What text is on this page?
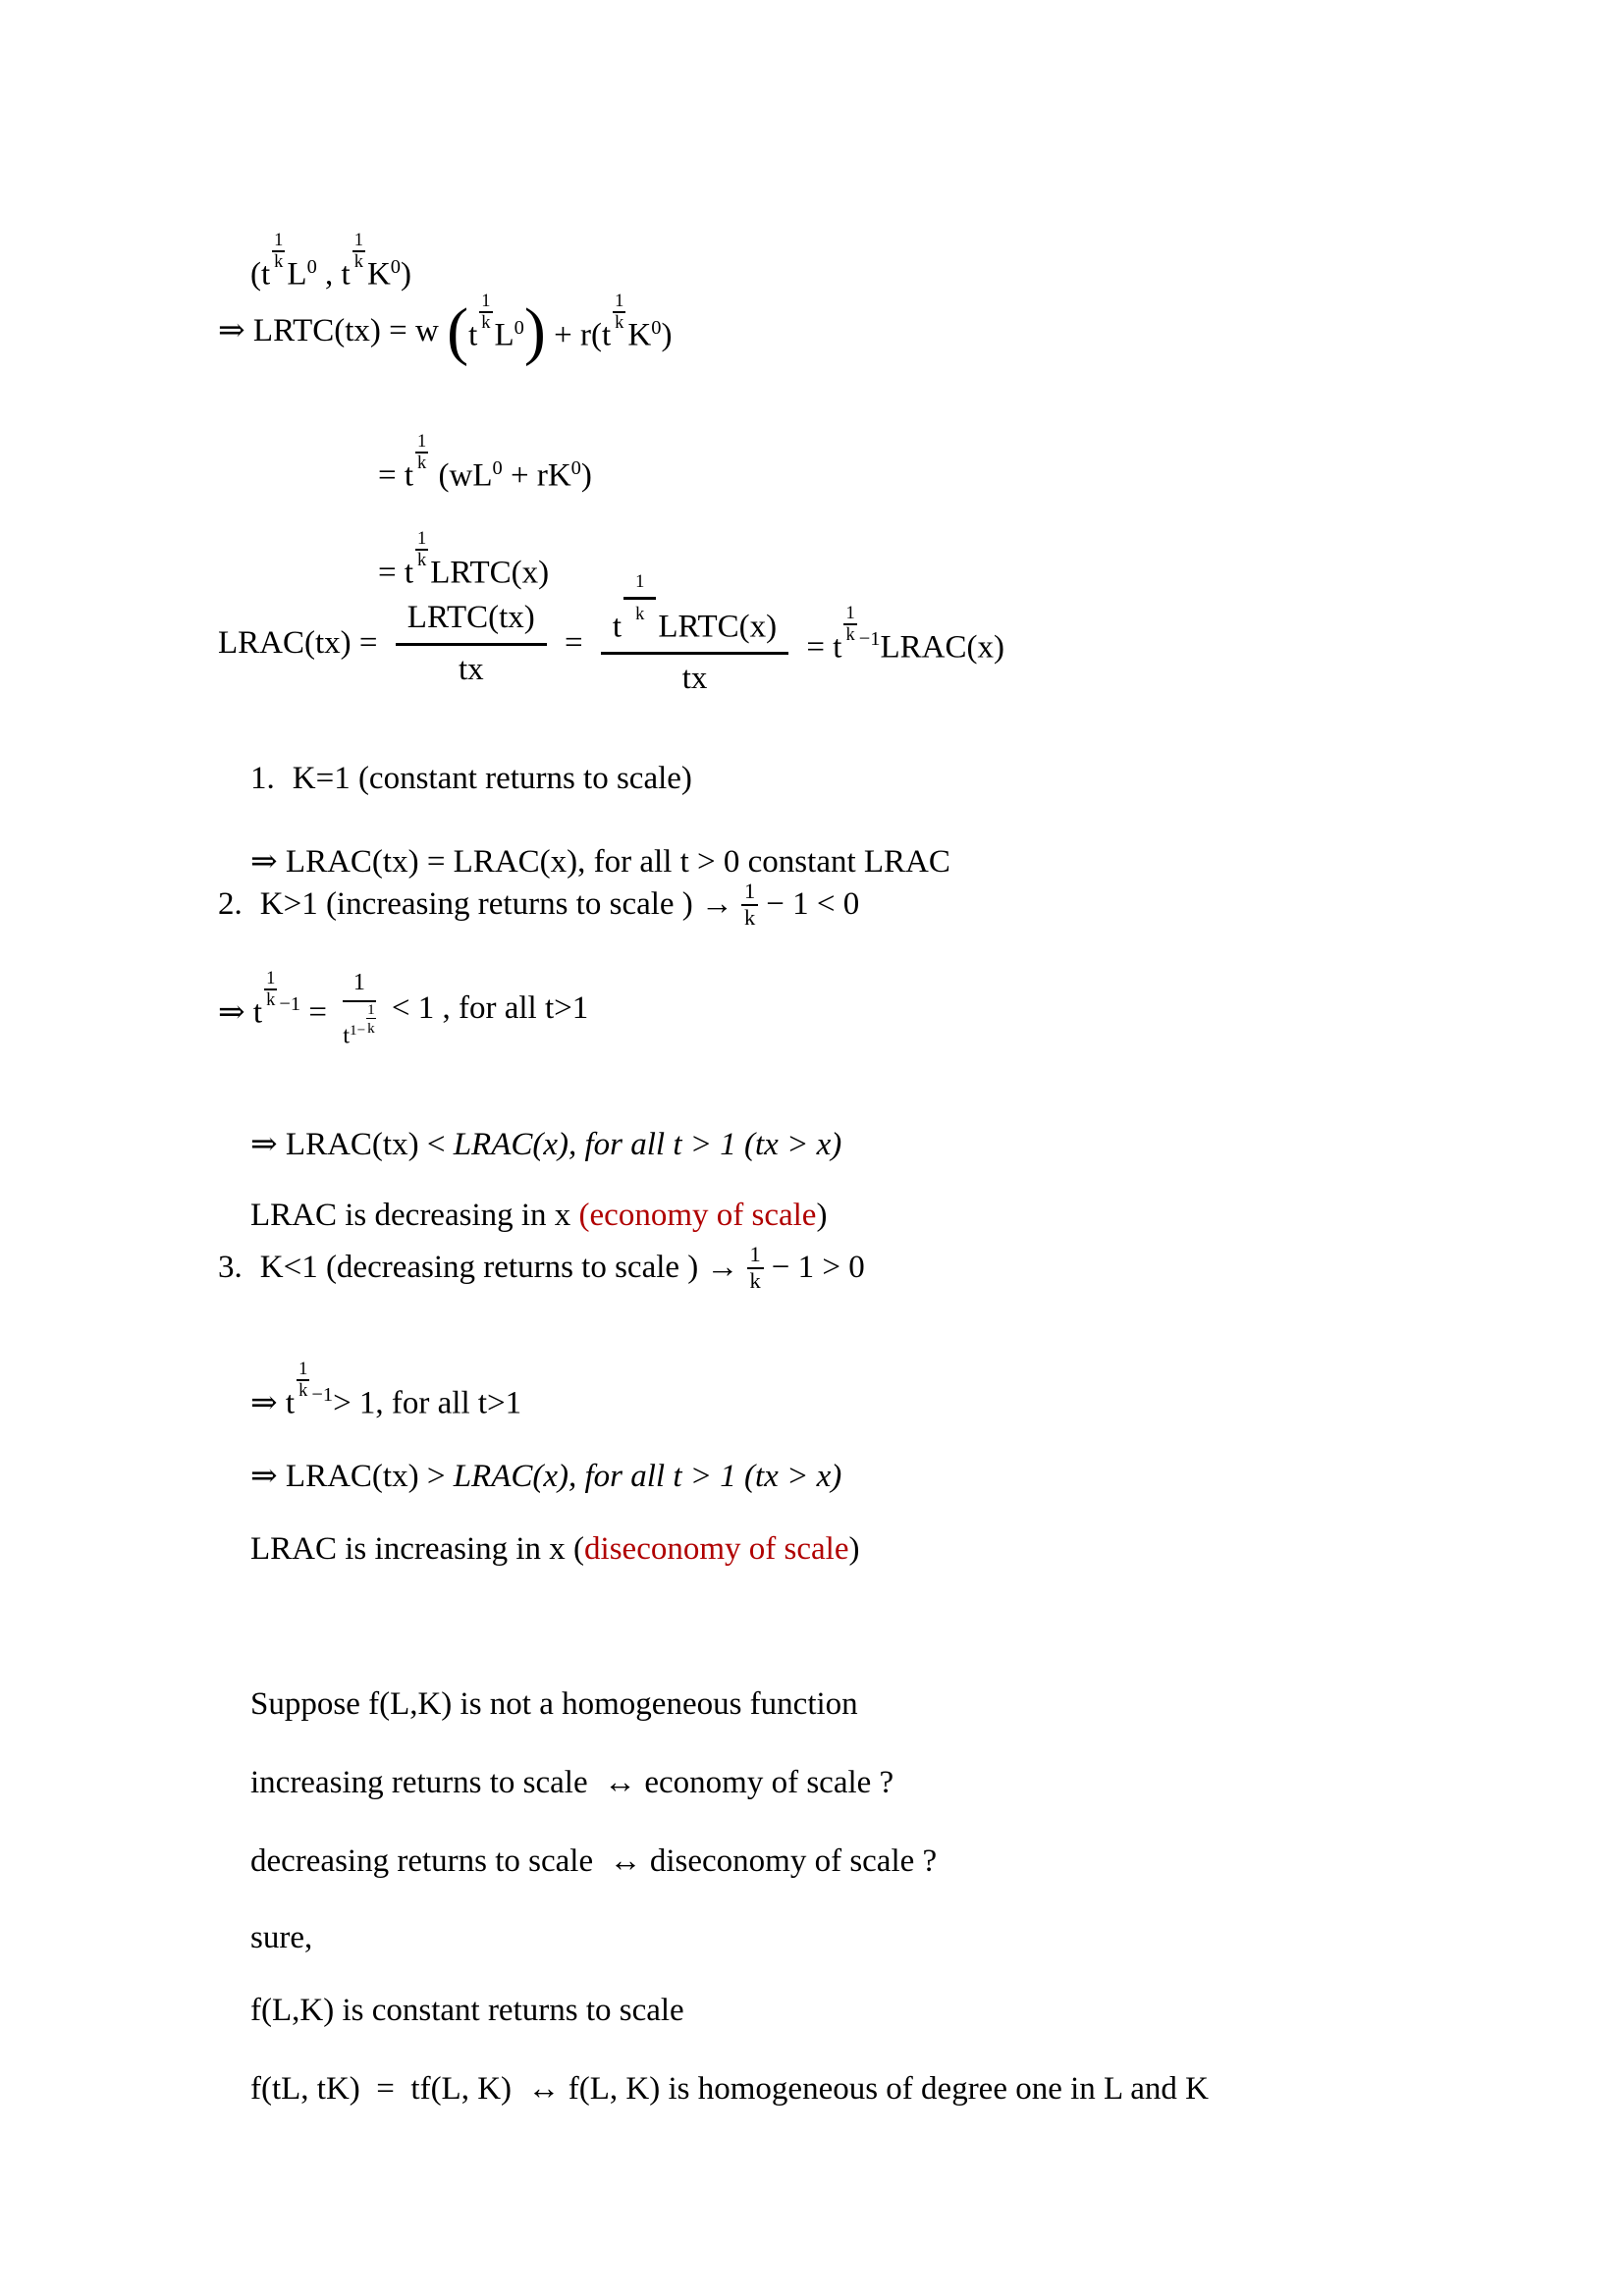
(t
$\frac{1}{k}$
$L^0$ , t
$\frac{1}{k}$
$K^0$)

⇒ LRTC(tx) = w ( t
$\frac{1}{k}$
$L^0$ ) + r(t
$\frac{1}{k}$
$K^0$)

= t
$\frac{1}{k}$
$(wL^0 + rK^0)$

= t
$\frac{1}{k}$
LRTC(x)

LRAC(tx) =
LRTC(tx)
tx
= t
$\frac{1}{k}$
LRTC(x)
tx
= t
$\frac{1}{k}$ $^{-1}$LRAC(x)

1. K=1 (constant returns to scale)

⇒ LRAC(tx) = LRAC(x), for all t > 0 constant LRAC

2. K>1 (increasing returns to scale ) → $\frac{1}{k} - 1 < 0$
⇒ t
$\frac{1}{k} ^{-1} = 1$
$t^{1- \frac{1}{k}} < 1$ , for all t>1

⇒ LRAC(tx) < LRAC(x), for all t > 1 (tx > x)

LRAC is decreasing in x (economy of scale)

3. K<1 (decreasing returns to scale ) → $\frac{1}{k} - 1 > 0$

⇒ t
$\frac{1}{k} ^{-1}> 1$, for all t>1

⇒ LRAC(tx) > LRAC(x), for all t > 1 (tx > x)

LRAC is increasing in x (diseconomy of scale)

Suppose f(L,K) is not a homogeneous function

increasing returns to scale  ↔ economy of scale ?

decreasing returns to scale  ↔ diseconomy of scale ?

sure,

f(L,K) is constant returns to scale

f(tL, tK)  =  tf(L, K)  ↔ f(L, K) is homogeneous of degree one in L and K
